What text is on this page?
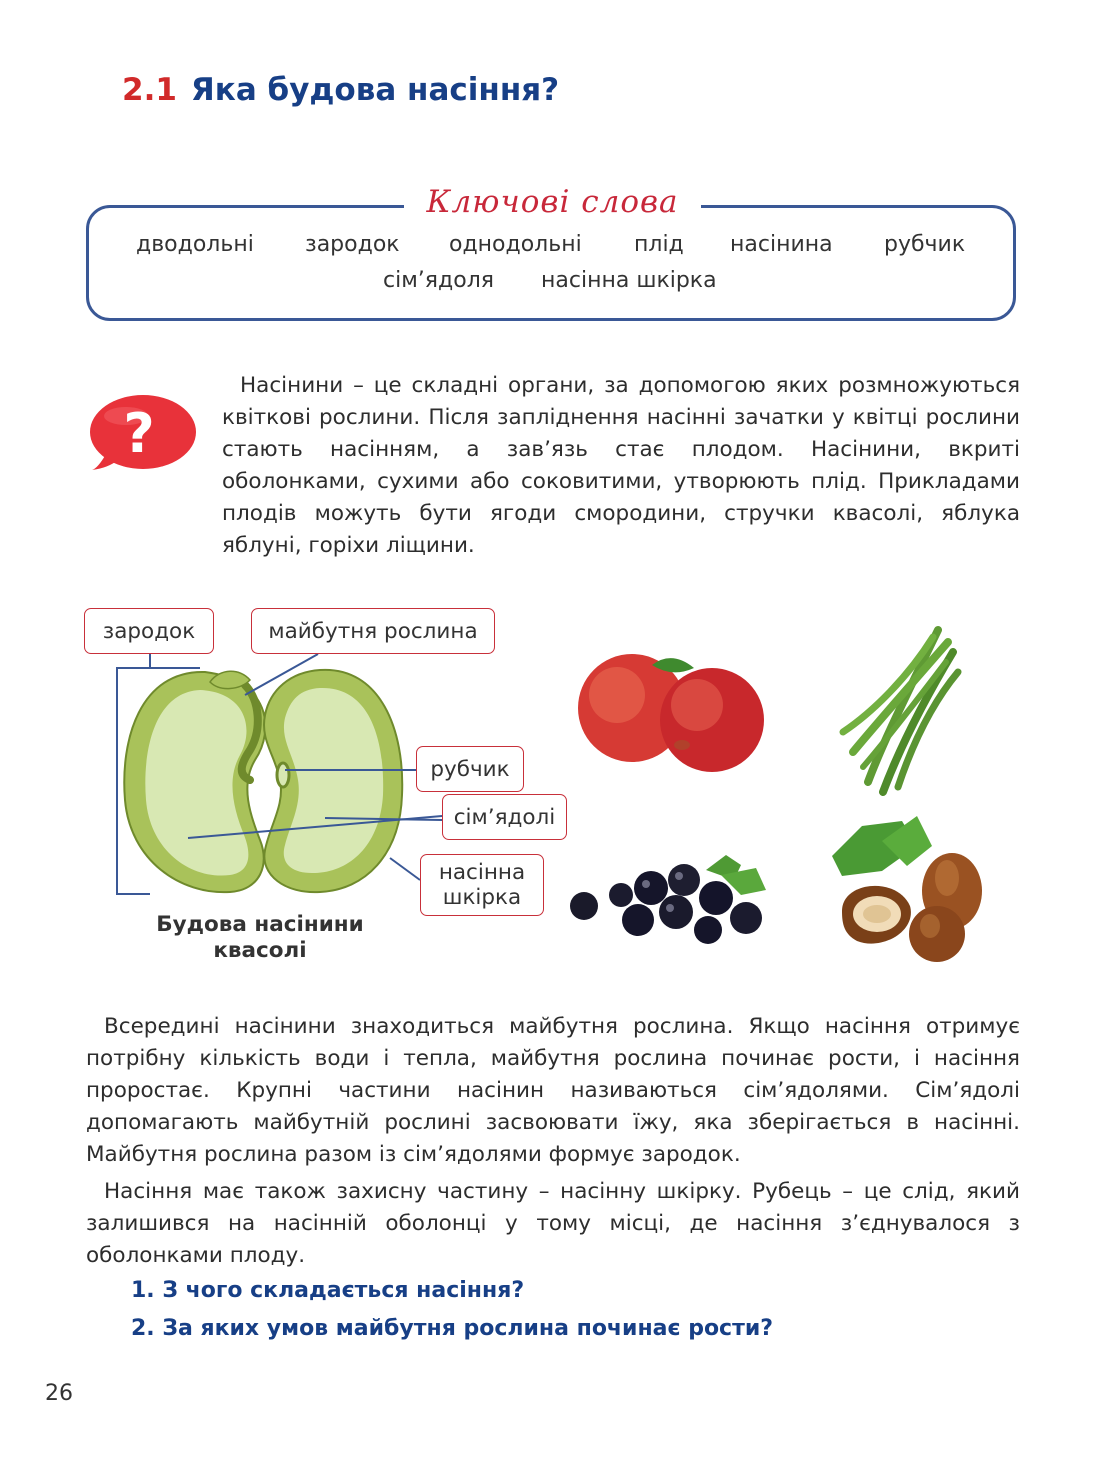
2.1 Яка будова насіння?
Ключові слова
дводольні зародок однодольні плід насінина рубчик
сім’ядоля насінна шкірка
?
Насінини – це складні органи, за допомогою яких розмножуються квіткові рослини. Після запліднення насінні зачатки у квітці рослини стають насінням, а зав’язь стає плодом. Насінини, вкриті оболонками, сухими або соковитими, утворюють плід. Прикладами плодів можуть бути ягоди смородини, стручки квасолі, яблука яблуні, горіхи ліщини.
зародок	майбутня рослина
рубчик
сім’ядолі
насінна
шкірка
Будова насінини
квасолі
Всередині насінини знаходиться майбутня рослина. Якщо насіння отримує потрібну кількість води і тепла, майбутня рослина починає рости, і насіння проростає. Крупні частини насінин називаються сім’ядолями. Сім’ядолі допомагають майбутній рослині засвоювати їжу, яка зберігається в насінні. Майбутня рослина разом із сім’ядолями формує зародок.
Насіння має також захисну частину – насінну шкірку. Рубець – це слід, який залишився на насінній оболонці у тому місці, де насіння з’єднувалося з оболонками плоду.
1. З чого складається насіння?
2. За яких умов майбутня рослина починає рости?
26
